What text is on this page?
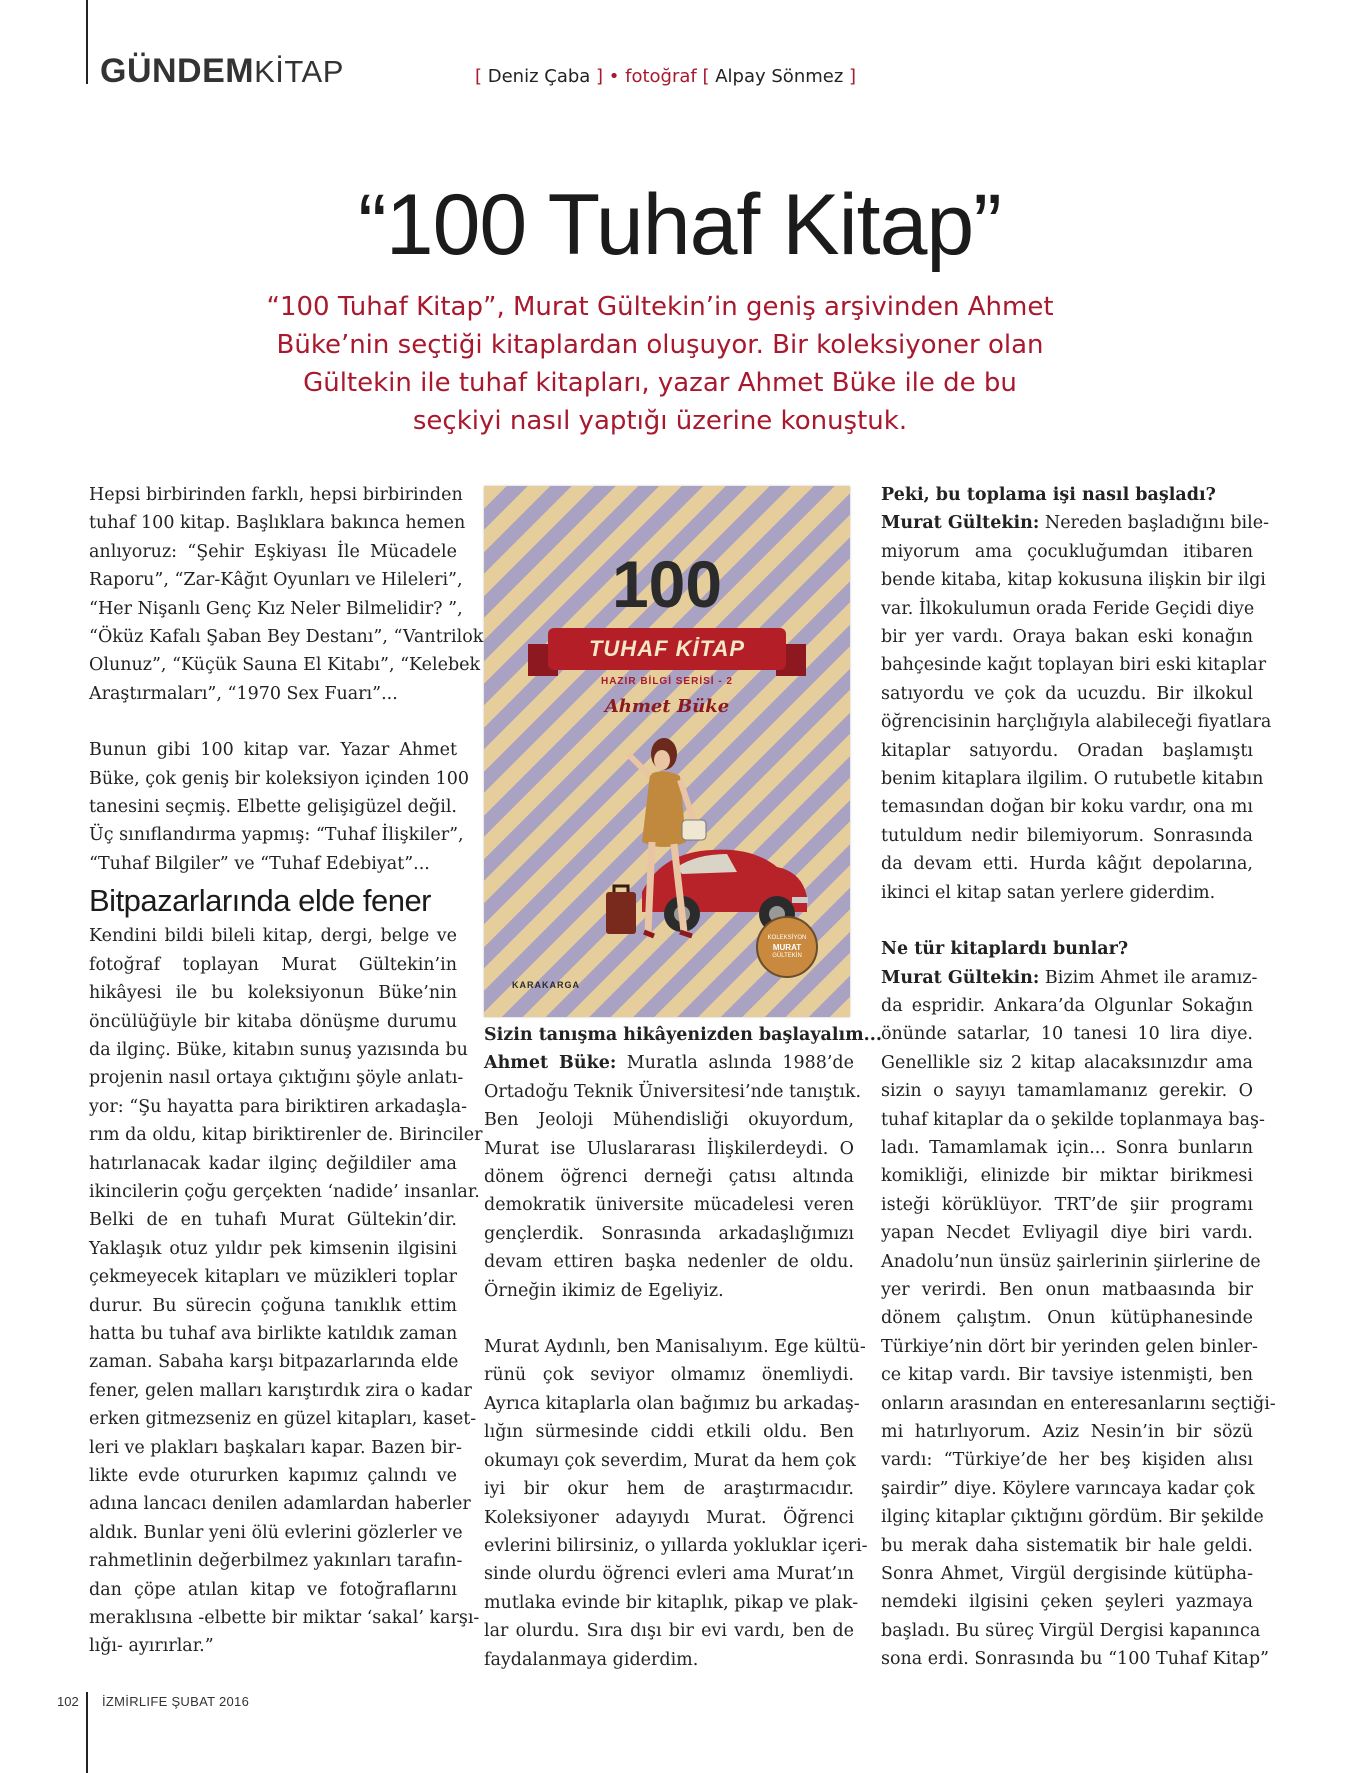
GÜNDEMKİTAP	[ Deniz Çaba ] • fotoğraf [ Alpay Sönmez ]
“100 Tuhaf Kitap”
“100 Tuhaf Kitap”, Murat Gültekin’in geniş arşivinden Ahmet
Büke’nin seçtiği kitaplardan oluşuyor. Bir koleksiyoner olan
Gültekin ile tuhaf kitapları, yazar Ahmet Büke ile de bu
seçkiyi nasıl yaptığı üzerine konuştuk.
Hepsi birbirinden farklı, hepsi birbirinden
tuhaf 100 kitap. Başlıklara bakınca hemen
anlıyoruz: “Şehir Eşkiyası İle Mücadele
Raporu”, “Zar-Kâğıt Oyunları ve Hileleri”,
“Her Nişanlı Genç Kız Neler Bilmelidir? ”,
“Öküz Kafalı Şaban Bey Destanı”, “Vantrilok
Olunuz”, “Küçük Sauna El Kitabı”, “Kelebek
Araştırmaları”, “1970 Sex Fuarı”...
Bunun gibi 100 kitap var. Yazar Ahmet
Büke, çok geniş bir koleksiyon içinden 100
tanesini seçmiş. Elbette gelişigüzel değil.
Üç sınıflandırma yapmış: “Tuhaf İlişkiler”,
“Tuhaf Bilgiler” ve “Tuhaf Edebiyat”...
Bitpazarlarında elde fener
Kendini bildi bileli kitap, dergi, belge ve
fotoğraf toplayan Murat Gültekin’in
hikâyesi ile bu koleksiyonun Büke’nin
öncülüğüyle bir kitaba dönüşme durumu
da ilginç. Büke, kitabın sunuş yazısında bu
projenin nasıl ortaya çıktığını şöyle anlatı-
yor: “Şu hayatta para biriktiren arkadaşla-
rım da oldu, kitap biriktirenler de. Birinciler
hatırlanacak kadar ilginç değildiler ama
ikincilerin çoğu gerçekten ‘nadide’ insanlar.
Belki de en tuhafı Murat Gültekin’dir.
Yaklaşık otuz yıldır pek kimsenin ilgisini
çekmeyecek kitapları ve müzikleri toplar
durur. Bu sürecin çoğuna tanıklık ettim
hatta bu tuhaf ava birlikte katıldık zaman
zaman. Sabaha karşı bitpazarlarında elde
fener, gelen malları karıştırdık zira o kadar
erken gitmezseniz en güzel kitapları, kaset-
leri ve plakları başkaları kapar. Bazen bir-
likte evde otururken kapımız çalındı ve
adına lancacı denilen adamlardan haberler
aldık. Bunlar yeni ölü evlerini gözlerler ve
rahmetlinin değerbilmez yakınları tarafın-
dan çöpe atılan kitap ve fotoğraflarını
meraklısına -elbette bir miktar ‘sakal’ karşı-
lığı- ayırırlar.”
100
TUHAF KİTAP
HAZIR BİLGİ SERİSİ - 2
Ahmet Büke
KOLEKSİYON
MURAT
GÜLTEKİN
KARAKARGA
Sizin tanışma hikâyenizden başlayalım...
Ahmet Büke: Muratla aslında 1988’de
Ortadoğu Teknik Üniversitesi’nde tanıştık.
Ben Jeoloji Mühendisliği okuyordum,
Murat ise Uluslararası İlişkilerdeydi. O
dönem öğrenci derneği çatısı altında
demokratik üniversite mücadelesi veren
gençlerdik. Sonrasında arkadaşlığımızı
devam ettiren başka nedenler de oldu.
Örneğin ikimiz de Egeliyiz.
Murat Aydınlı, ben Manisalıyım. Ege kültü-
rünü çok seviyor olmamız önemliydi.
Ayrıca kitaplarla olan bağımız bu arkadaş-
lığın sürmesinde ciddi etkili oldu. Ben
okumayı çok severdim, Murat da hem çok
iyi bir okur hem de araştırmacıdır.
Koleksiyoner adayıydı Murat. Öğrenci
evlerini bilirsiniz, o yıllarda yokluklar içeri-
sinde olurdu öğrenci evleri ama Murat’ın
mutlaka evinde bir kitaplık, pikap ve plak-
lar olurdu. Sıra dışı bir evi vardı, ben de
faydalanmaya giderdim.
Peki, bu toplama işi nasıl başladı?
Murat Gültekin: Nereden başladığını bile-
miyorum ama çocukluğumdan itibaren
bende kitaba, kitap kokusuna ilişkin bir ilgi
var. İlkokulumun orada Feride Geçidi diye
bir yer vardı. Oraya bakan eski konağın
bahçesinde kağıt toplayan biri eski kitaplar
satıyordu ve çok da ucuzdu. Bir ilkokul
öğrencisinin harçlığıyla alabileceği fiyatlara
kitaplar satıyordu. Oradan başlamıştı
benim kitaplara ilgilim. O rutubetle kitabın
temasından doğan bir koku vardır, ona mı
tutuldum nedir bilemiyorum. Sonrasında
da devam etti. Hurda kâğıt depolarına,
ikinci el kitap satan yerlere giderdim.
Ne tür kitaplardı bunlar?
Murat Gültekin: Bizim Ahmet ile aramız-
da espridir. Ankara’da Olgunlar Sokağın
önünde satarlar, 10 tanesi 10 lira diye.
Genellikle siz 2 kitap alacaksınızdır ama
sizin o sayıyı tamamlamanız gerekir. O
tuhaf kitaplar da o şekilde toplanmaya baş-
ladı. Tamamlamak için... Sonra bunların
komikliği, elinizde bir miktar birikmesi
isteği körüklüyor. TRT’de şiir programı
yapan Necdet Evliyagil diye biri vardı.
Anadolu’nun ünsüz şairlerinin şiirlerine de
yer verirdi. Ben onun matbaasında bir
dönem çalıştım. Onun kütüphanesinde
Türkiye’nin dört bir yerinden gelen binler-
ce kitap vardı. Bir tavsiye istenmişti, ben
onların arasından en enteresanlarını seçtiği-
mi hatırlıyorum. Aziz Nesin’in bir sözü
vardı: “Türkiye’de her beş kişiden alısı
şairdir” diye. Köylere varıncaya kadar çok
ilginç kitaplar çıktığını gördüm. Bir şekilde
bu merak daha sistematik bir hale geldi.
Sonra Ahmet, Virgül dergisinde kütüpha-
nemdeki ilgisini çeken şeyleri yazmaya
başladı. Bu süreç Virgül Dergisi kapanınca
sona erdi. Sonrasında bu “100 Tuhaf Kitap”
102 İZMİRLIFE ŞUBAT 2016
